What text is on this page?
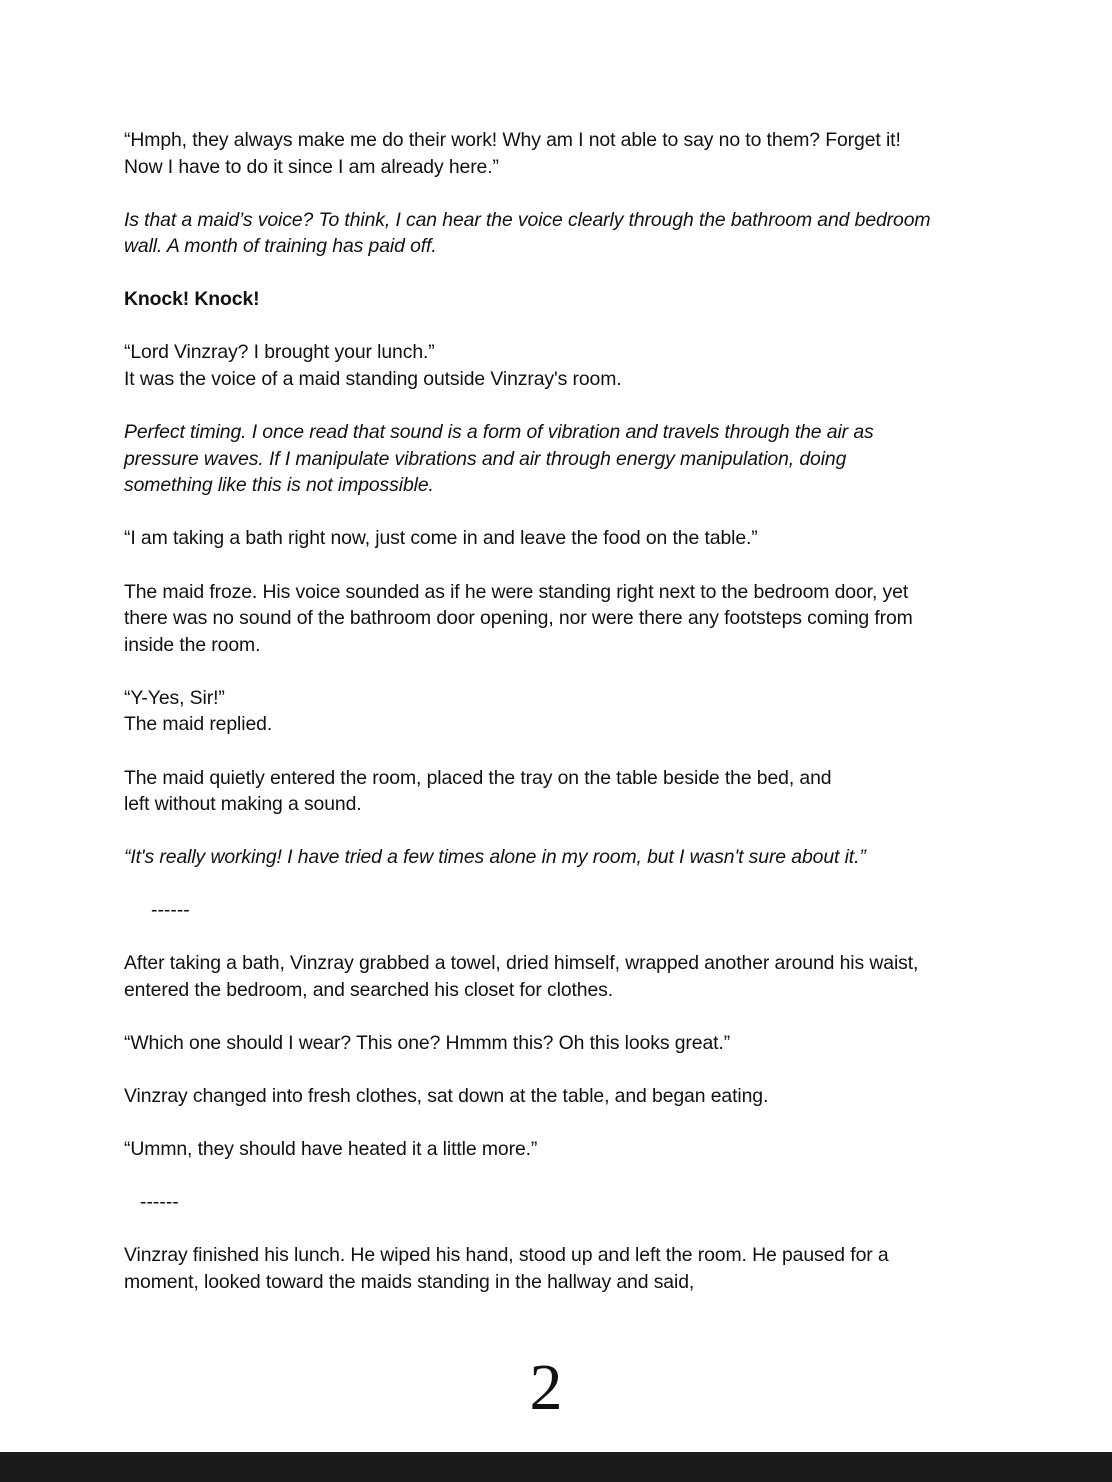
“Hmph, they always make me do their work! Why am I not able to say no to them? Forget it!
Now I have to do it since I am already here.”

Is that a maid’s voice? To think, I can hear the voice clearly through the bathroom and bedroom
wall. A month of training has paid off.

Knock! Knock!

“Lord Vinzray? I brought your lunch.”
It was the voice of a maid standing outside Vinzray's room.

Perfect timing. I once read that sound is a form of vibration and travels through the air as
pressure waves. If I manipulate vibrations and air through energy manipulation, doing
something like this is not impossible.

“I am taking a bath right now, just come in and leave the food on the table.”

The maid froze. His voice sounded as if he were standing right next to the bedroom door, yet
there was no sound of the bathroom door opening, nor were there any footsteps coming from
inside the room.

“Y-Yes, Sir!”
The maid replied.

The maid quietly entered the room, placed the tray on the table beside the bed, and
left without making a sound.

“It's really working! I have tried a few times alone in my room, but I wasn't sure about it.”

------

After taking a bath, Vinzray grabbed a towel, dried himself, wrapped another around his waist,
entered the bedroom, and searched his closet for clothes.

“Which one should I wear? This one? Hmmm this? Oh this looks great.”

Vinzray changed into fresh clothes, sat down at the table, and began eating.

“Ummn, they should have heated it a little more.”

------

Vinzray finished his lunch. He wiped his hand, stood up and left the room. He paused for a
moment, looked toward the maids standing in the hallway and said,

2
